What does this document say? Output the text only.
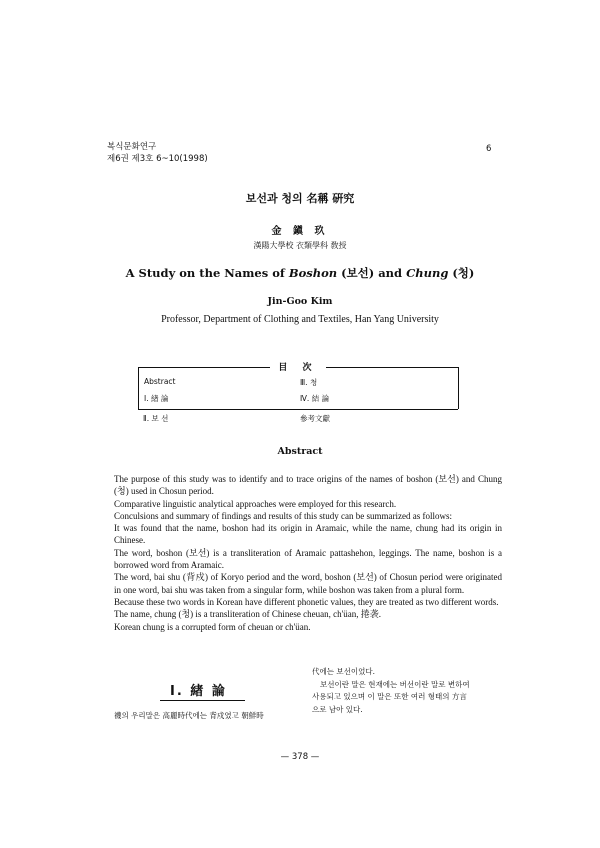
복식문화연구
제6권 제3호 6~10(1998)
6
보선과 청의 名稱 硏究
金 鎭 玖
漢陽大學校 衣類學科 敎授
A Study on the Names of Boshon (보선) and Chung (청)
Jin-Goo Kim
Professor, Department of Clothing and Textiles, Han Yang University
目 次
Abstract
Ⅰ. 緖 論
Ⅲ. 청
Ⅳ. 結 論
Ⅱ. 보 선	參考文獻
Abstract

The purpose of this study was to identify and to trace origins of the names of boshon (보선) and Chung (청) used in Chosun period.

Comparative linguistic analytical approaches were employed for this research.

Conculsions and summary of findings and results of this study can be summarized as follows:

It was found that the name, boshon had its origin in Aramaic, while the name, chung had its origin in Chinese.

The word, boshon (보선) is a transliteration of Aramaic pattashehon, leggings. The name, boshon is a borrowed word from Aramaic.

The word, bai shu (背戍) of Koryo period and the word, boshon (보선) of Chosun period were originated in one word, bai shu was taken from a singular form, while boshon was taken from a plural form.

Because these two words in Korean have different phonetic values, they are treated as two different words.

The name, chung (청) is a transliteration of Chinese cheuan, ch'üan, 捲袭.

Korean chung is a corrupted form of cheuan or ch'üan.

Ⅰ. 緖 論
襪의 우리말은 高麗時代에는 背戍였고 朝鮮時

代에는 보선이었다.

보선이란 말은 현재에는 버선이란 말로 변하여

사용되고 있으며 이 말은 또한 여러 형태의 方言

으로 남아 있다.

— 378 —
